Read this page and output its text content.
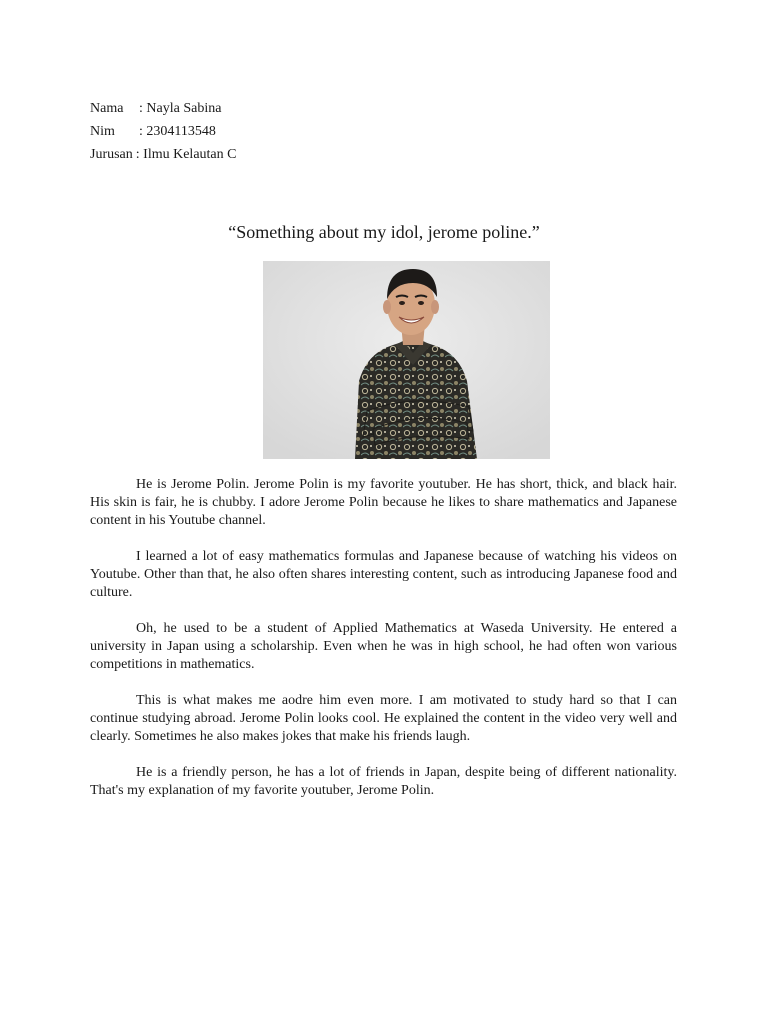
Nama	: Nayla Sabina
Nim	: 2304113548
Jurusan : Ilmu Kelautan C
“Something about my idol, jerome poline.”

He is Jerome Polin. Jerome Polin is my favorite youtuber. He has short, thick, and black hair. His skin is fair, he is chubby. I adore Jerome Polin because he likes to share mathematics and Japanese content in his Youtube channel.

I learned a lot of easy mathematics formulas and Japanese because of watching his videos on Youtube. Other than that, he also often shares interesting content, such as introducing Japanese food and culture.

Oh, he used to be a student of Applied Mathematics at Waseda University. He entered a university in Japan using a scholarship. Even when he was in high school, he had often won various competitions in mathematics.

This is what makes me aodre him even more. I am motivated to study hard so that I can continue studying abroad. Jerome Polin looks cool. He explained the content in the video very well and clearly. Sometimes he also makes jokes that make his friends laugh.

He is a friendly person, he has a lot of friends in Japan, despite being of different nationality. That's my explanation of my favorite youtuber, Jerome Polin.
